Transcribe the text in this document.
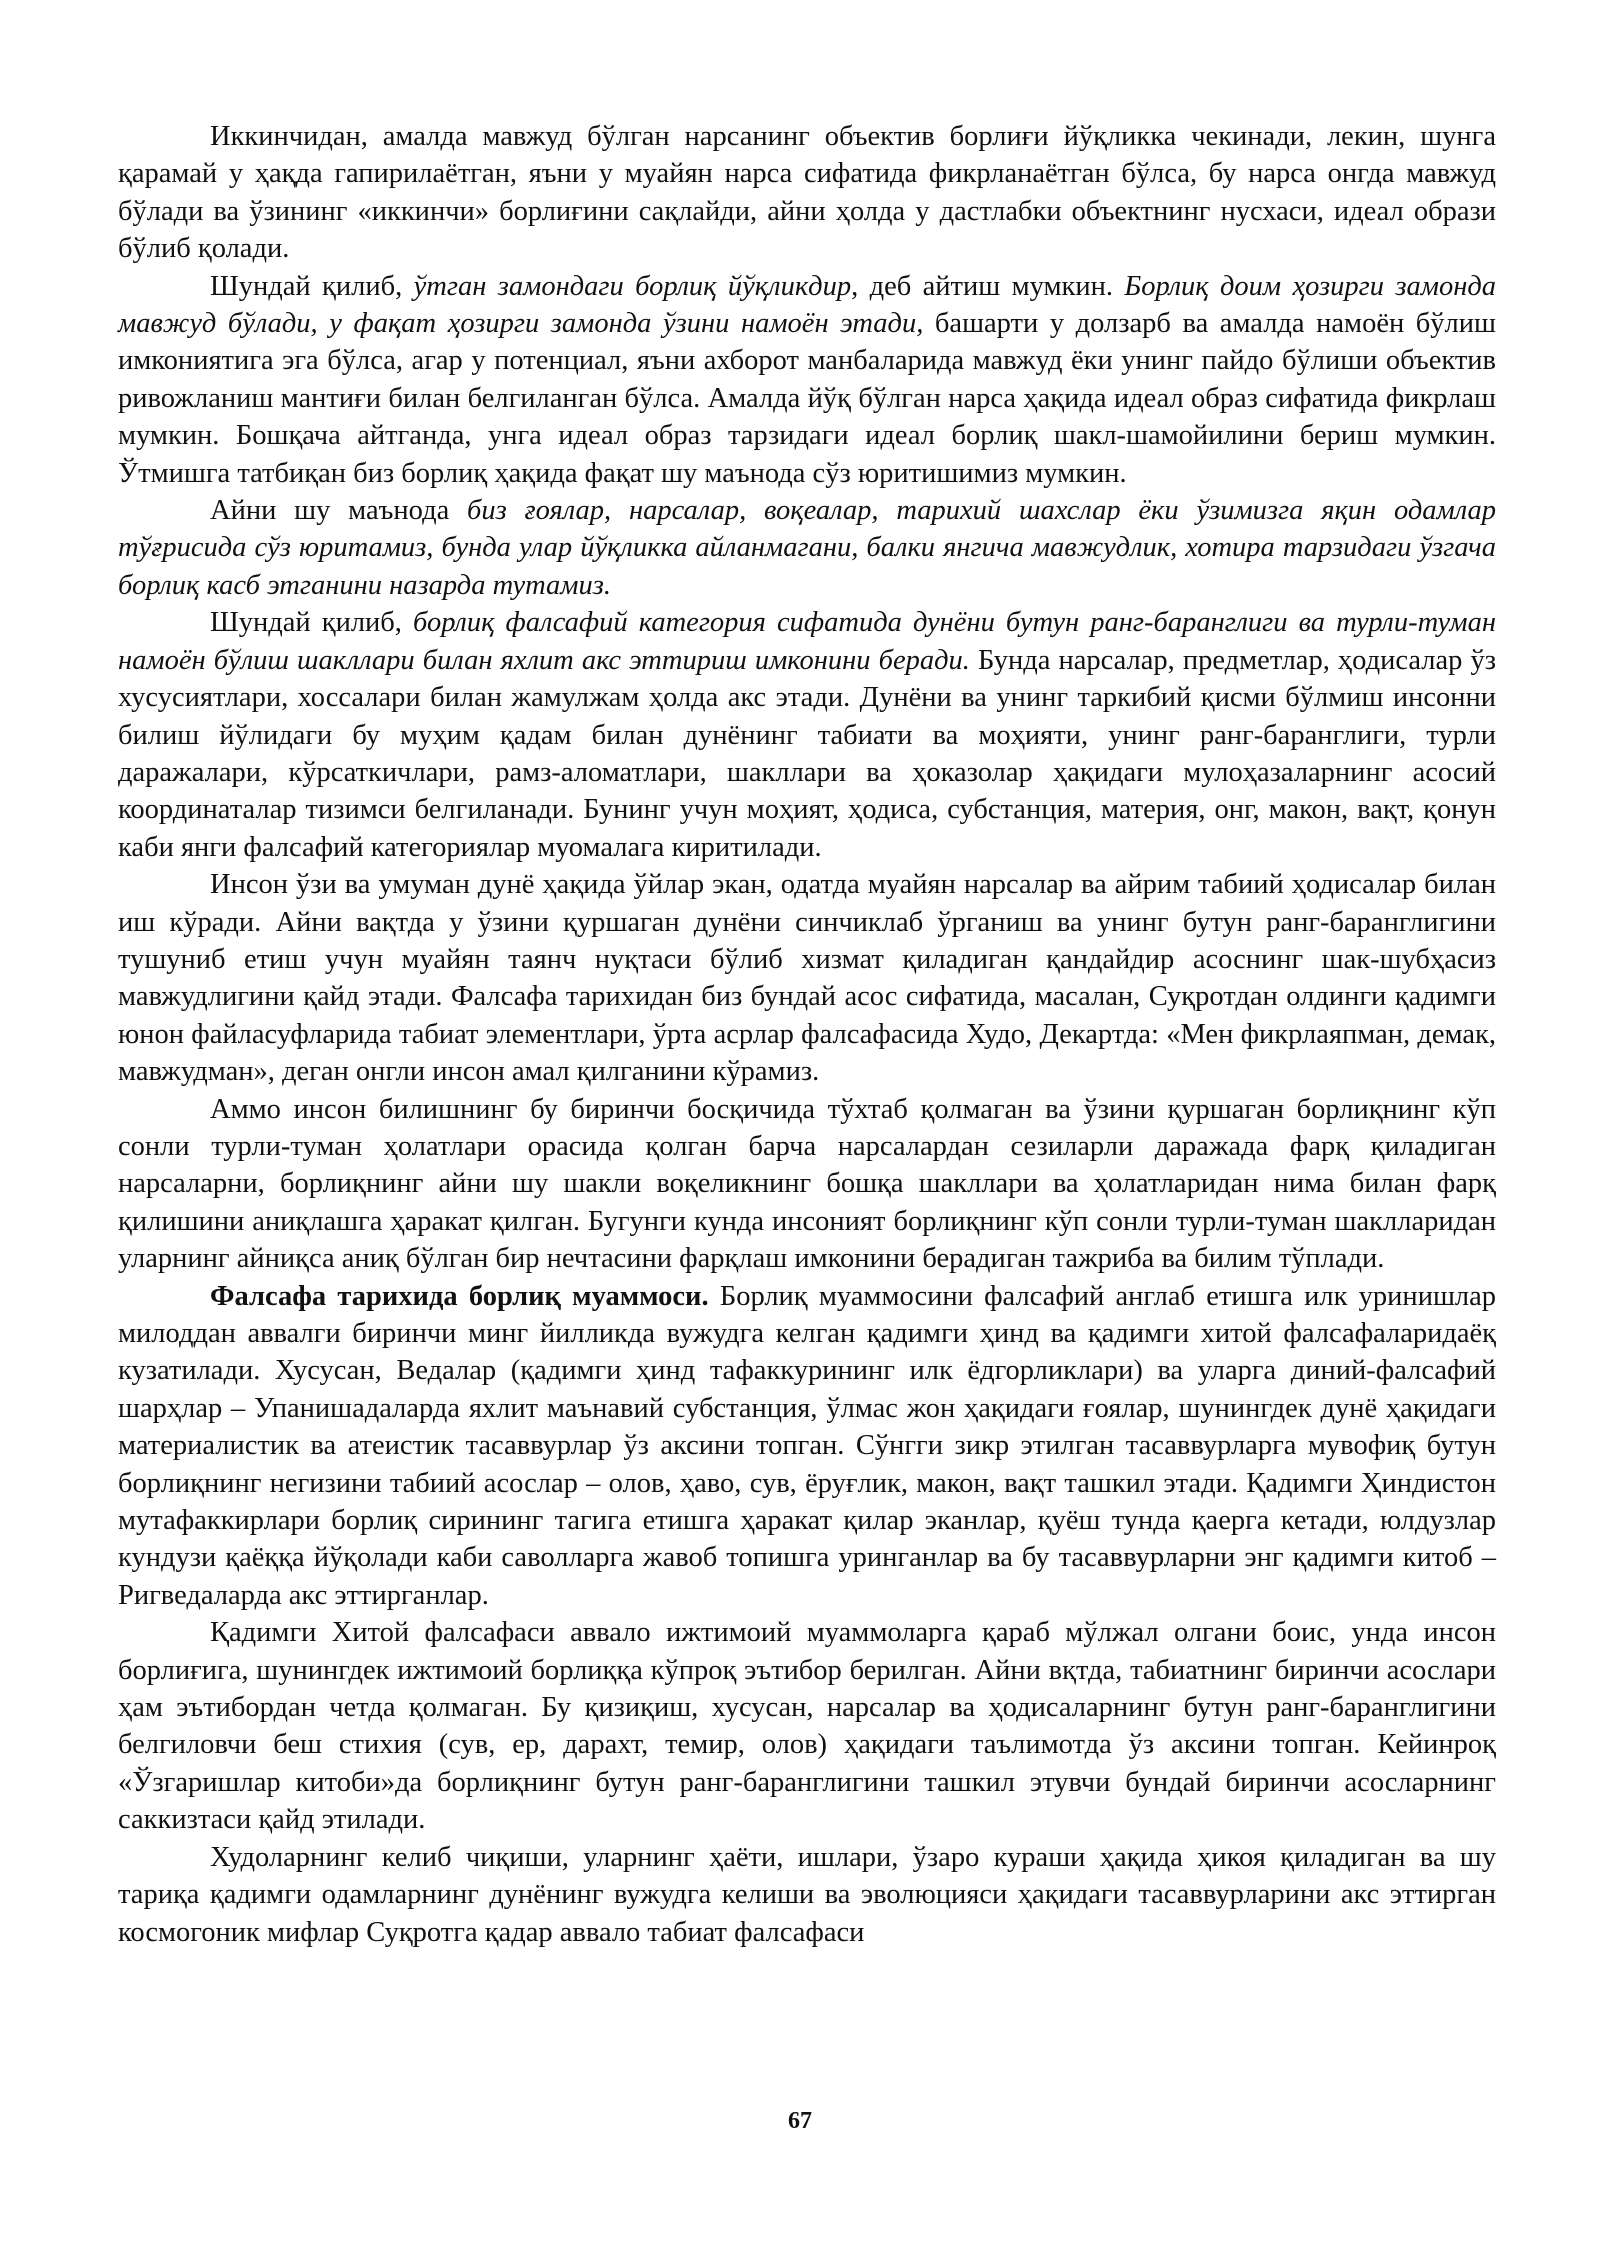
Иккинчидан, амалда мавжуд бўлган нарсанинг объектив борлиғи йўқликка чекинади, лекин, шунга қарамай у ҳақда гапирилаётган, яъни у муайян нарса сифатида фикрланаётган бўлса, бу нарса онгда мавжуд бўлади ва ўзининг «иккинчи» борлиғини сақлайди, айни ҳолда у дастлабки объектнинг нусхаси, идеал образи бўлиб қолади.

Шундай қилиб, ўтган замондаги борлиқ йўқликдир, деб айтиш мумкин. Борлиқ доим ҳозирги замонда мавжуд бўлади, у фақат ҳозирги замонда ўзини намоён этади, башарти у долзарб ва амалда намоён бўлиш имкониятига эга бўлса, агар у потенциал, яъни ахборот манбаларида мавжуд ёки унинг пайдо бўлиши объектив ривожланиш мантиғи билан белгиланган бўлса. Амалда йўқ бўлган нарса ҳақида идеал образ сифатида фикрлаш мумкин. Бошқача айтганда, унга идеал образ тарзидаги идеал борлиқ шакл-шамойилини бериш мумкин. Ўтмишга татбиқан биз борлиқ ҳақида фақат шу маънода сўз юритишимиз мумкин.

Айни шу маънода биз ғоялар, нарсалар, воқеалар, тарихий шахслар ёки ўзимизга яқин одамлар тўғрисида сўз юритамиз, бунда улар йўқликка айланмагани, балки янгича мавжудлик, хотира тарзидаги ўзгача борлиқ касб этганини назарда тутамиз.

Шундай қилиб, борлиқ фалсафий категория сифатида дунёни бутун ранг-баранглиги ва турли-туман намоён бўлиш шакллари билан яхлит акс эттириш имконини беради. Бунда нарсалар, предметлар, ҳодисалар ўз хусусиятлари, хоссалари билан жамулжам ҳолда акс этади. Дунёни ва унинг таркибий қисми бўлмиш инсонни билиш йўлидаги бу муҳим қадам билан дунёнинг табиати ва моҳияти, унинг ранг-баранглиги, турли даражалари, кўрсаткичлари, рамз-аломатлари, шакллари ва ҳоказолар ҳақидаги мулоҳазаларнинг асосий координаталар тизимси белгиланади. Бунинг учун моҳият, ҳодиса, субстанция, материя, онг, макон, вақт, қонун каби янги фалсафий категориялар муомалага киритилади.

Инсон ўзи ва умуман дунё ҳақида ўйлар экан, одатда муайян нарсалар ва айрим табиий ҳодисалар билан иш кўради. Айни вақтда у ўзини қуршаган дунёни синчиклаб ўрганиш ва унинг бутун ранг-баранглигини тушуниб етиш учун муайян таянч нуқтаси бўлиб хизмат қиладиган қандайдир асоснинг шак-шубҳасиз мавжудлигини қайд этади. Фалсафа тарихидан биз бундай асос сифатида, масалан, Суқротдан олдинги қадимги юнон файласуфларида табиат элементлари, ўрта асрлар фалсафасида Худо, Декартда: «Мен фикрлаяпман, демак, мавжудман», деган онгли инсон амал қилганини кўрамиз.

Аммо инсон билишнинг бу биринчи босқичида тўхтаб қолмаган ва ўзини қуршаган борлиқнинг кўп сонли турли-туман ҳолатлари орасида қолган барча нарсалардан сезиларли даражада фарқ қиладиган нарсаларни, борлиқнинг айни шу шакли воқеликнинг бошқа шакллари ва ҳолатларидан нима билан фарқ қилишини аниқлашга ҳаракат қилган. Бугунги кунда инсоният борлиқнинг кўп сонли турли-туман шаклларидан уларнинг айниқса аниқ бўлган бир нечтасини фарқлаш имконини берадиган тажриба ва билим тўплади.

Фалсафа тарихида борлиқ муаммоси. Борлиқ муаммосини фалсафий англаб етишга илк уринишлар милоддан аввалги биринчи минг йилликда вужудга келган қадимги ҳинд ва қадимги хитой фалсафаларидаёқ кузатилади. Хусусан, Ведалар (қадимги ҳинд тафаккурининг илк ёдгорликлари) ва уларга диний-фалсафий шарҳлар – Упанишадаларда яхлит маънавий субстанция, ўлмас жон ҳақидаги ғоялар, шунингдек дунё ҳақидаги материалистик ва атеистик тасаввурлар ўз аксини топган. Сўнгги зикр этилган тасаввурларга мувофиқ бутун борлиқнинг негизини табиий асослар – олов, ҳаво, сув, ёруғлик, макон, вақт ташкил этади. Қадимги Ҳиндистон мутафаккирлари борлиқ сирининг тагига етишга ҳаракат қилар эканлар, қуёш тунда қаерга кетади, юлдузлар кундузи қаёққа йўқолади каби саволларга жавоб топишга уринганлар ва бу тасаввурларни энг қадимги китоб – Ригведаларда акс эттирганлар.

Қадимги Хитой фалсафаси аввало ижтимоий муаммоларга қараб мўлжал олгани боис, унда инсон борлиғига, шунингдек ижтимоий борлиққа кўпроқ эътибор берилган. Айни вқтда, табиатнинг биринчи асослари ҳам эътибордан четда қолмаган. Бу қизиқиш, хусусан, нарсалар ва ҳодисаларнинг бутун ранг-баранглигини белгиловчи беш стихия (сув, ер, дарахт, темир, олов) ҳақидаги таълимотда ўз аксини топган. Кейинроқ «Ўзгаришлар китоби»да борлиқнинг бутун ранг-баранглигини ташкил этувчи бундай биринчи асосларнинг саккизтаси қайд этилади.

Худоларнинг келиб чиқиши, уларнинг ҳаёти, ишлари, ўзаро кураши ҳақида ҳикоя қиладиган ва шу тариқа қадимги одамларнинг дунёнинг вужудга келиши ва эволюцияси ҳақидаги тасаввурларини акс эттирган космогоник мифлар Суқротга қадар аввало табиат фалсафаси

67
